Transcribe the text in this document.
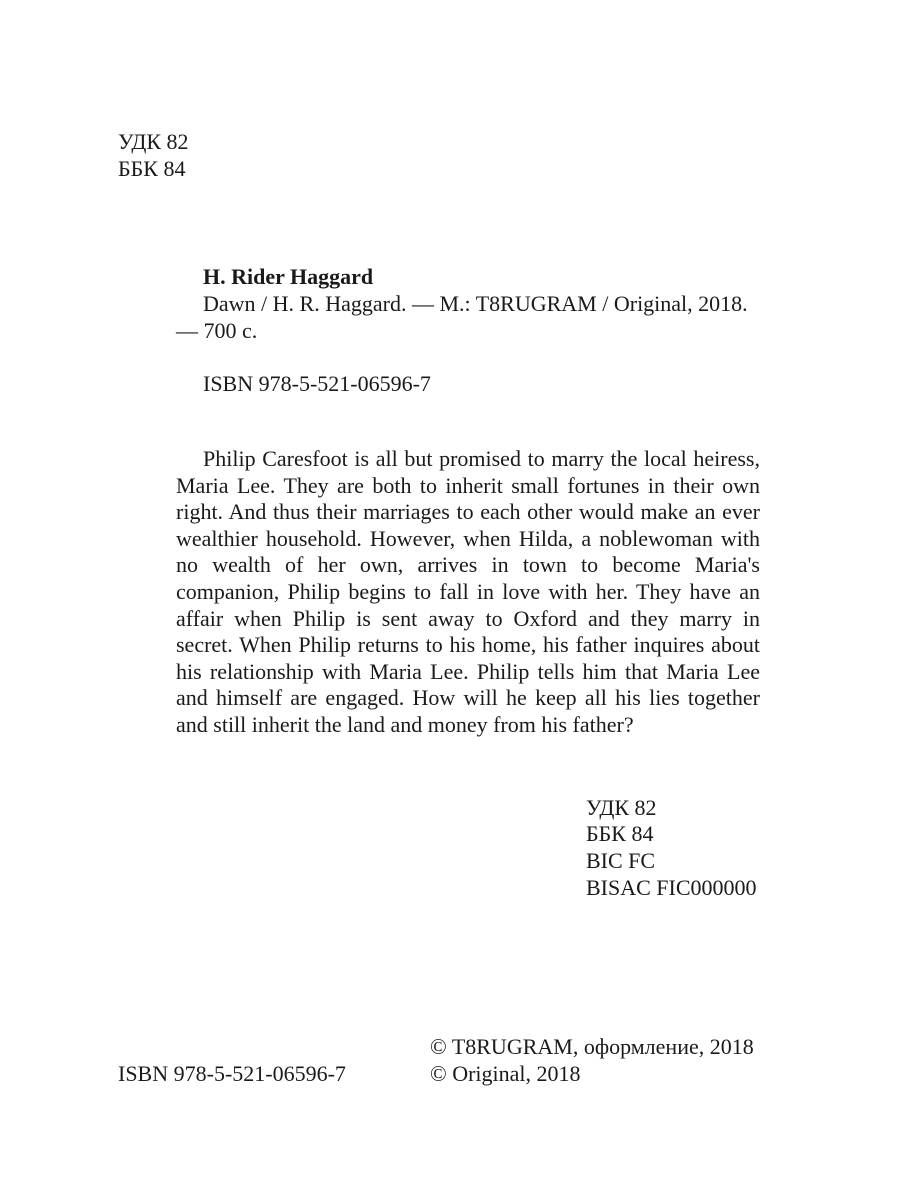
УДК 82
ББК 84
H. Rider Haggard
Dawn / H. R. Haggard. — M.: T8RUGRAM / Original, 2018.
— 700 c.
ISBN 978-5-521-06596-7

Philip Caresfoot is all but promised to marry the local heiress, Maria Lee. They are both to inherit small fortunes in their own right. And thus their marriages to each other would make an ever wealthier household. However, when Hilda, a noblewoman with no wealth of her own, arrives in town to become Maria's companion, Philip begins to fall in love with her. They have an affair when Philip is sent away to Oxford and they marry in secret. When Philip returns to his home, his father inquires about his relationship with Maria Lee. Philip tells him that Maria Lee and himself are engaged. How will he keep all his lies together and still inherit the land and money from his father?

УДК 82
ББК 84
BIC FC
BISAC FIC000000
© T8RUGRAM, оформление, 2018
ISBN 978-5-521-06596-7	© Original, 2018
